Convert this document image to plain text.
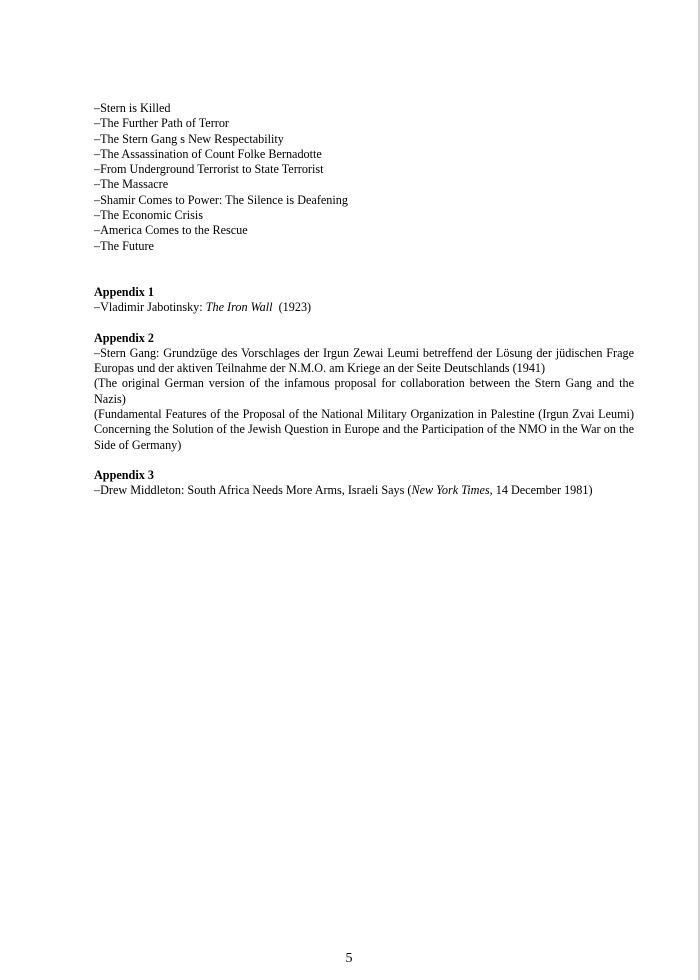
–Stern is Killed
–The Further Path of Terror
–The Stern Gang s New Respectability
–The Assassination of Count Folke Bernadotte
–From Underground Terrorist to State Terrorist
–The Massacre
–Shamir Comes to Power: The Silence is Deafening
–The Economic Crisis
–America Comes to the Rescue
–The Future
Appendix 1

–Vladimir Jabotinsky: The Iron Wall  (1923)

Appendix 2

–Stern Gang: Grundzüge des Vorschlages der Irgun Zewai Leumi betreffend der Lösung der jüdischen Frage Europas und der aktiven Teilnahme der N.M.O. am Kriege an der Seite Deutschlands (1941)

(The original German version of the infamous proposal for collaboration between the Stern Gang and the Nazis)

(Fundamental Features of the Proposal of the National Military Organization in Palestine (Irgun Zvai Leumi) Concerning the Solution of the Jewish Question in Europe and the Participation of the NMO in the War on the Side of Germany)

Appendix 3

–Drew Middleton: South Africa Needs More Arms, Israeli Says (New York Times, 14 December 1981)

5
